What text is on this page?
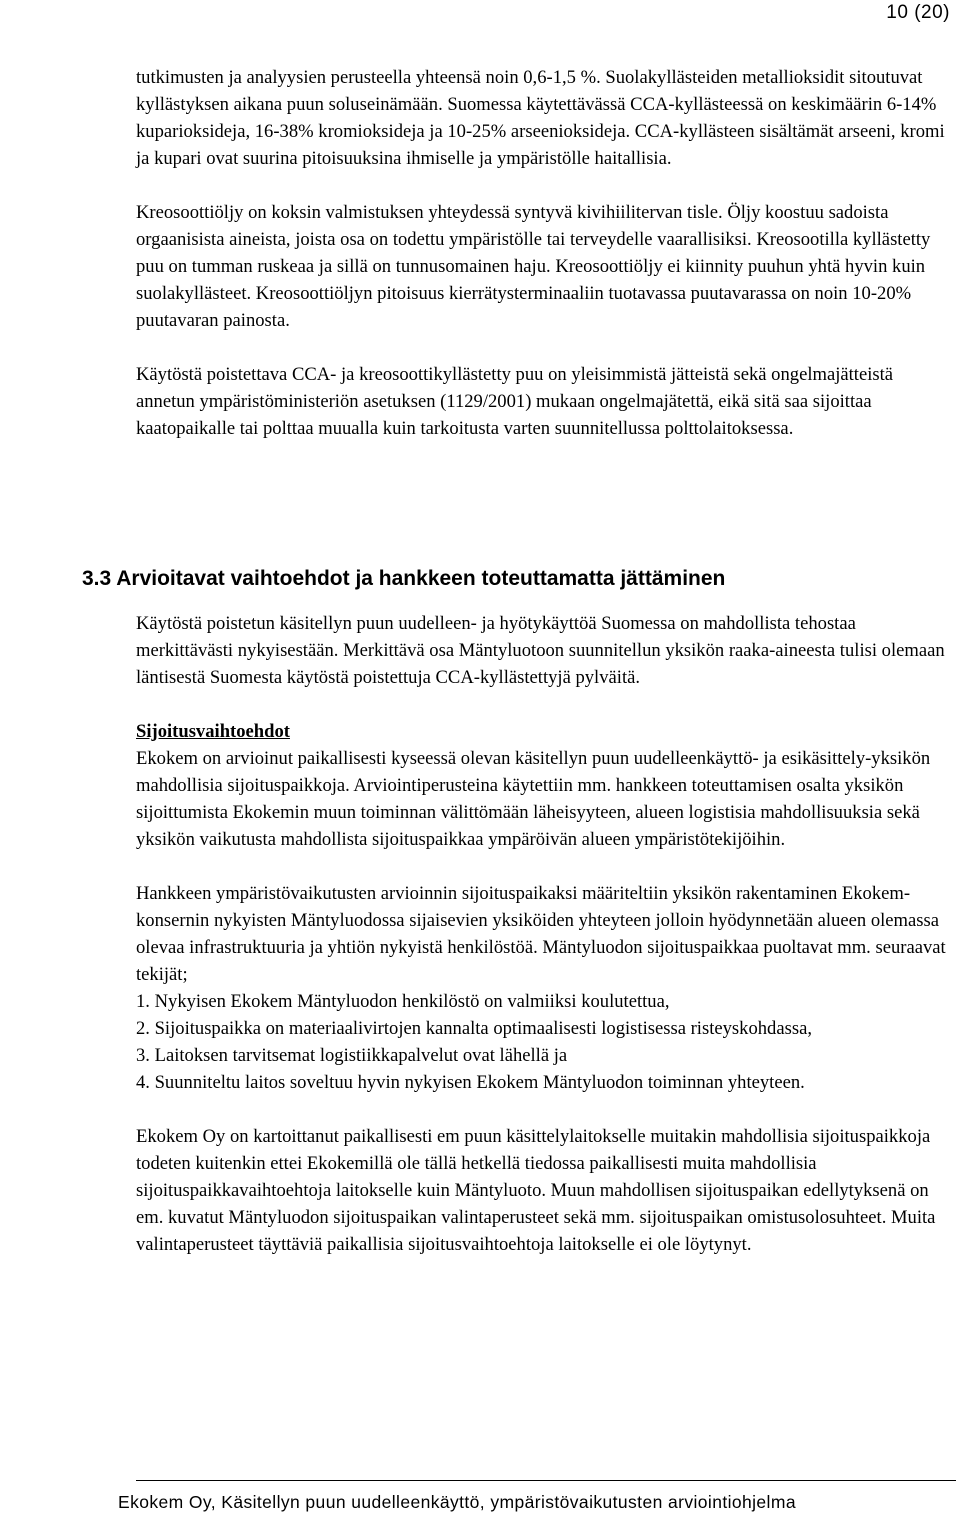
10 (20)

tutkimusten ja analyysien perusteella yhteensä noin 0,6-1,5 %. Suolakyllästeiden metallioksidit sitoutuvat kyllästyksen aikana puun soluseinämään. Suomessa käytettävässä CCA-kyllästeessä on keskimäärin 6-14% kuparioksideja, 16-38% kromioksideja ja 10-25% arseenioksideja. CCA-kyllästeen sisältämät arseeni, kromi ja kupari ovat suurina pitoisuuksina ihmiselle ja ympäristölle haitallisia.

Kreosoottiöljy on koksin valmistuksen yhteydessä syntyvä kivihiilitervan tisle. Öljy koostuu sadoista orgaanisista aineista, joista osa on todettu ympäristölle tai terveydelle vaarallisiksi. Kreosootilla kyllästetty puu on tumman ruskeaa ja sillä on tunnusomainen haju. Kreosoottiöljy ei kiinnity puuhun yhtä hyvin kuin suolakyllästeet. Kreosoottiöljyn pitoisuus kierrätysterminaaliin tuotavassa puutavarassa on noin 10-20% puutavaran painosta.

Käytöstä poistettava CCA- ja kreosoottikyllästetty puu on yleisimmistä jätteistä sekä ongelmajätteistä annetun ympäristöministeriön asetuksen (1129/2001) mukaan ongelmajätettä, eikä sitä saa sijoittaa kaatopaikalle tai polttaa muualla kuin tarkoitusta varten suunnitellussa polttolaitoksessa.

3.3 Arvioitavat vaihtoehdot ja hankkeen toteuttamatta jättäminen

Käytöstä poistetun käsitellyn puun uudelleen- ja hyötykäyttöä Suomessa on mahdollista tehostaa merkittävästi nykyisestään. Merkittävä osa Mäntyluotoon suunnitellun yksikön raaka-aineesta tulisi olemaan läntisestä Suomesta käytöstä poistettuja CCA-kyllästettyjä pylväitä.

Sijoitusvaihtoehdot

Ekokem on arvioinut paikallisesti kyseessä olevan käsitellyn puun uudelleenkäyttö- ja esikäsittely-yksikön mahdollisia sijoituspaikkoja. Arviointiperusteina käytettiin mm. hankkeen toteuttamisen osalta yksikön sijoittumista Ekokemin muun toiminnan välittömään läheisyyteen, alueen logistisia mahdollisuuksia sekä yksikön vaikutusta mahdollista sijoituspaikkaa ympäröivän alueen ympäristötekijöihin.

Hankkeen ympäristövaikutusten arvioinnin sijoituspaikaksi määriteltiin yksikön rakentaminen Ekokem-konsernin nykyisten Mäntyluodossa sijaisevien yksiköiden yhteyteen jolloin hyödynnetään alueen olemassa olevaa infrastruktuuria ja yhtiön nykyistä henkilöstöä. Mäntyluodon sijoituspaikkaa puoltavat mm. seuraavat tekijät;

1. Nykyisen Ekokem Mäntyluodon henkilöstö on valmiiksi koulutettua,
2. Sijoituspaikka on materiaalivirtojen kannalta optimaalisesti logistisessa risteyskohdassa,
3. Laitoksen tarvitsemat logistiikkapalvelut ovat lähellä ja
4. Suunniteltu laitos soveltuu hyvin nykyisen Ekokem Mäntyluodon toiminnan yhteyteen.

Ekokem Oy on kartoittanut paikallisesti em puun käsittelylaitokselle muitakin mahdollisia sijoituspaikkoja todeten kuitenkin ettei Ekokemillä ole tällä hetkellä tiedossa paikallisesti muita mahdollisia sijoituspaikkavaihtoehtoja laitokselle kuin Mäntyluoto. Muun mahdollisen sijoituspaikan edellytyksenä on em. kuvatut Mäntyluodon sijoituspaikan valintaperusteet sekä mm. sijoituspaikan omistusolosuhteet. Muita valintaperusteet täyttäviä paikallisia sijoitusvaihtoehtoja laitokselle ei ole löytynyt.

Ekokem Oy, Käsitellyn puun uudelleenkäyttö, ympäristövaikutusten arviointiohjelma
